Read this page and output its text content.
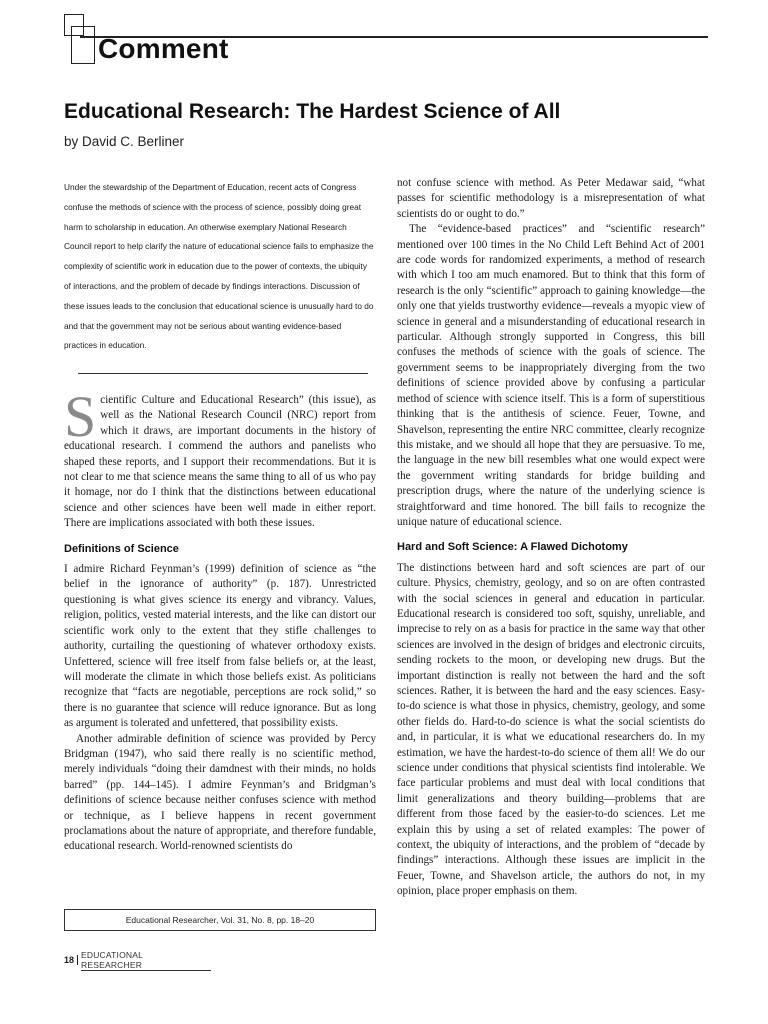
Comment
Educational Research: The Hardest Science of All
by David C. Berliner

Under the stewardship of the Department of Education, recent acts of Congress confuse the methods of science with the process of science, possibly doing great harm to scholarship in education. An otherwise exemplary National Research Council report to help clarify the nature of educational science fails to emphasize the complexity of scientific work in education due to the power of contexts, the ubiquity of interactions, and the problem of decade by findings interactions. Discussion of these issues leads to the conclusion that educational science is unusually hard to do and that the government may not be serious about wanting evidence-based practices in education.

S cientific Culture and Educational Research” (this issue), as well as the National Research Council (NRC) report from which it draws, are important documents in the history of educational research. I commend the authors and panelists who shaped these reports, and I support their recommendations. But it is not clear to me that science means the same thing to all of us who pay it homage, nor do I think that the distinctions between educational science and other sciences have been well made in either report. There are implications associated with both these issues.

Definitions of Science

I admire Richard Feynman’s (1999) definition of science as “the belief in the ignorance of authority” (p. 187). Unrestricted questioning is what gives science its energy and vibrancy. Values, religion, politics, vested material interests, and the like can distort our scientific work only to the extent that they stifle challenges to authority, curtailing the questioning of whatever orthodoxy exists. Unfettered, science will free itself from false beliefs or, at the least, will moderate the climate in which those beliefs exist. As politicians recognize that “facts are negotiable, perceptions are rock solid,” so there is no guarantee that science will reduce ignorance. But as long as argument is tolerated and unfettered, that possibility exists.

Another admirable definition of science was provided by Percy Bridgman (1947), who said there really is no scientific method, merely individuals “doing their damdnest with their minds, no holds barred” (pp. 144–145). I admire Feynman’s and Bridgman’s definitions of science because neither confuses science with method or technique, as I believe happens in recent government proclamations about the nature of appropriate, and therefore fundable, educational research. World-renowned scientists do

not confuse science with method. As Peter Medawar said, “what passes for scientific methodology is a misrepresentation of what scientists do or ought to do.”

The “evidence-based practices” and “scientific research” mentioned over 100 times in the No Child Left Behind Act of 2001 are code words for randomized experiments, a method of research with which I too am much enamored. But to think that this form of research is the only “scientific” approach to gaining knowledge—the only one that yields trustworthy evidence—reveals a myopic view of science in general and a misunderstanding of educational research in particular. Although strongly supported in Congress, this bill confuses the methods of science with the goals of science. The government seems to be inappropriately diverging from the two definitions of science provided above by confusing a particular method of science with science itself. This is a form of superstitious thinking that is the antithesis of science. Feuer, Towne, and Shavelson, representing the entire NRC committee, clearly recognize this mistake, and we should all hope that they are persuasive. To me, the language in the new bill resembles what one would expect were the government writing standards for bridge building and prescription drugs, where the nature of the underlying science is straightforward and time honored. The bill fails to recognize the unique nature of educational science.

Hard and Soft Science: A Flawed Dichotomy

The distinctions between hard and soft sciences are part of our culture. Physics, chemistry, geology, and so on are often contrasted with the social sciences in general and education in particular. Educational research is considered too soft, squishy, unreliable, and imprecise to rely on as a basis for practice in the same way that other sciences are involved in the design of bridges and electronic circuits, sending rockets to the moon, or developing new drugs. But the important distinction is really not between the hard and the soft sciences. Rather, it is between the hard and the easy sciences. Easy-to-do science is what those in physics, chemistry, geology, and some other fields do. Hard-to-do science is what the social scientists do and, in particular, it is what we educational researchers do. In my estimation, we have the hardest-to-do science of them all! We do our science under conditions that physical scientists find intolerable. We face particular problems and must deal with local conditions that limit generalizations and theory building—problems that are different from those faced by the easier-to-do sciences. Let me explain this by using a set of related examples: The power of context, the ubiquity of interactions, and the problem of “decade by findings” interactions. Although these issues are implicit in the Feuer, Towne, and Shavelson article, the authors do not, in my opinion, place proper emphasis on them.

Educational Researcher, Vol. 31, No. 8, pp. 18–20
18
EDUCATIONAL RESEARCHER
